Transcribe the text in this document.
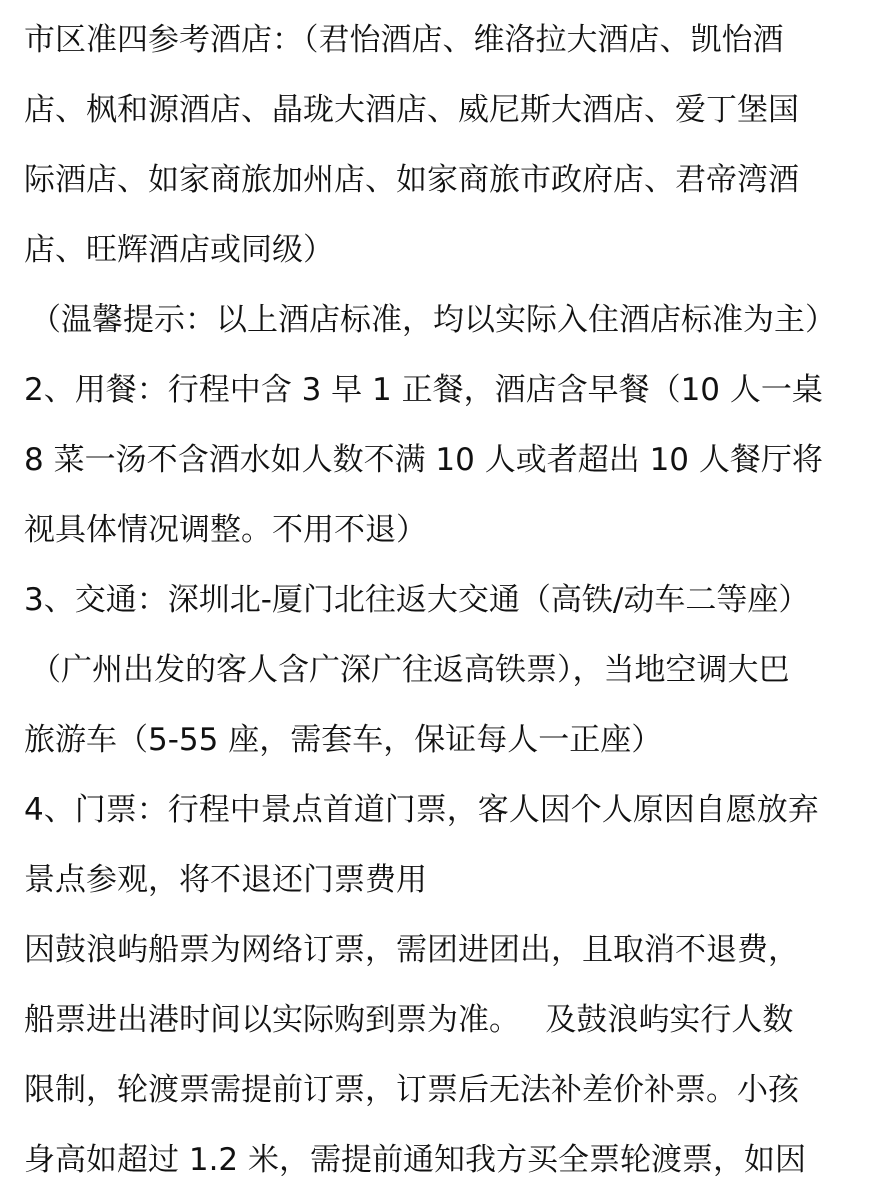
市区准四参考酒店：（君怡酒店、维洛拉大酒店、凯怡酒
店、枫和源酒店、晶珑大酒店、威尼斯大酒店、爱丁堡国
际酒店、如家商旅加州店、如家商旅市政府店、君帝湾酒
店、旺辉酒店或同级）
（温馨提示：以上酒店标准，均以实际入住酒店标准为主）
2、用餐：行程中含 3 早 1 正餐，酒店含早餐（10 人一桌
8 菜一汤不含酒水如人数不满 10 人或者超出 10 人餐厅将
视具体情况调整。不用不退）
3、交通：深圳北-厦门北往返大交通（高铁/动车二等座）
（广州出发的客人含广深广往返高铁票），当地空调大巴
旅游车（5-55 座，需套车，保证每人一正座）
4、门票：行程中景点首道门票，客人因个人原因自愿放弃
景点参观，将不退还门票费用
因鼓浪屿船票为网络订票，需团进团出，且取消不退费，
船票进出港时间以实际购到票为准。　 及鼓浪屿实行人数
限制，轮渡票需提前订票，订票后无法补差价补票。小孩
身高如超过 1.2 米，需提前通知我方买全票轮渡票，如因
